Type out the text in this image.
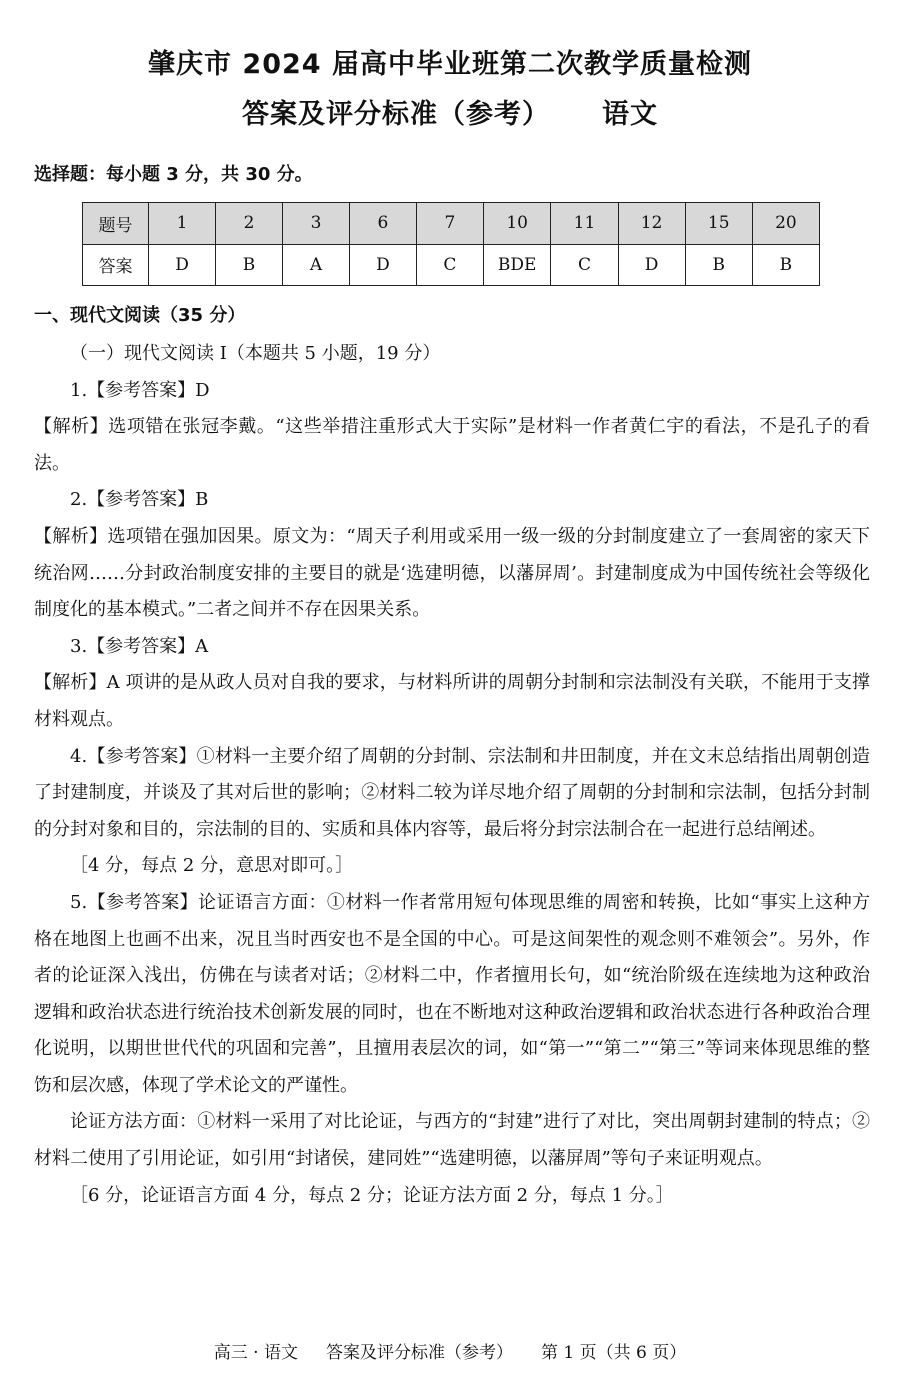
肇庆市 2024 届高中毕业班第二次教学质量检测
答案及评分标准（参考） 语文
选择题：每小题 3 分，共 30 分。
题号	1	2	3	6	7	10	11	12	15	20
答案	D	B	A	D	C	BDE	C	D	B	B
一、现代文阅读（35 分）

（一）现代文阅读 I（本题共 5 小题，19 分）

1.【参考答案】D

【解析】选项错在张冠李戴。“这些举措注重形式大于实际”是材料一作者黄仁宇的看法，不是孔子的看法。

2.【参考答案】B

【解析】选项错在强加因果。原文为：“周天子利用或采用一级一级的分封制度建立了一套周密的家天下统治网……分封政治制度安排的主要目的就是‘选建明德，以藩屏周’。封建制度成为中国传统社会等级化制度化的基本模式。”二者之间并不存在因果关系。

3.【参考答案】A

【解析】A 项讲的是从政人员对自我的要求，与材料所讲的周朝分封制和宗法制没有关联，不能用于支撑材料观点。

4.【参考答案】①材料一主要介绍了周朝的分封制、宗法制和井田制度，并在文末总结指出周朝创造了封建制度，并谈及了其对后世的影响；②材料二较为详尽地介绍了周朝的分封制和宗法制，包括分封制的分封对象和目的，宗法制的目的、实质和具体内容等，最后将分封宗法制合在一起进行总结阐述。

［4 分，每点 2 分，意思对即可。］

5.【参考答案】论证语言方面：①材料一作者常用短句体现思维的周密和转换，比如“事实上这种方格在地图上也画不出来，况且当时西安也不是全国的中心。可是这间架性的观念则不难领会”。另外，作者的论证深入浅出，仿佛在与读者对话；②材料二中，作者擅用长句，如“统治阶级在连续地为这种政治逻辑和政治状态进行统治技术创新发展的同时，也在不断地对这种政治逻辑和政治状态进行各种政治合理化说明，以期世世代代的巩固和完善”，且擅用表层次的词，如“第一”“第二”“第三”等词来体现思维的整饬和层次感，体现了学术论文的严谨性。

论证方法方面：①材料一采用了对比论证，与西方的“封建”进行了对比，突出周朝封建制的特点；②材料二使用了引用论证，如引用“封诸侯，建同姓”“选建明德，以藩屏周”等句子来证明观点。

［6 分，论证语言方面 4 分，每点 2 分；论证方法方面 2 分，每点 1 分。］

高三 · 语文 答案及评分标准（参考） 第 1 页（共 6 页）
